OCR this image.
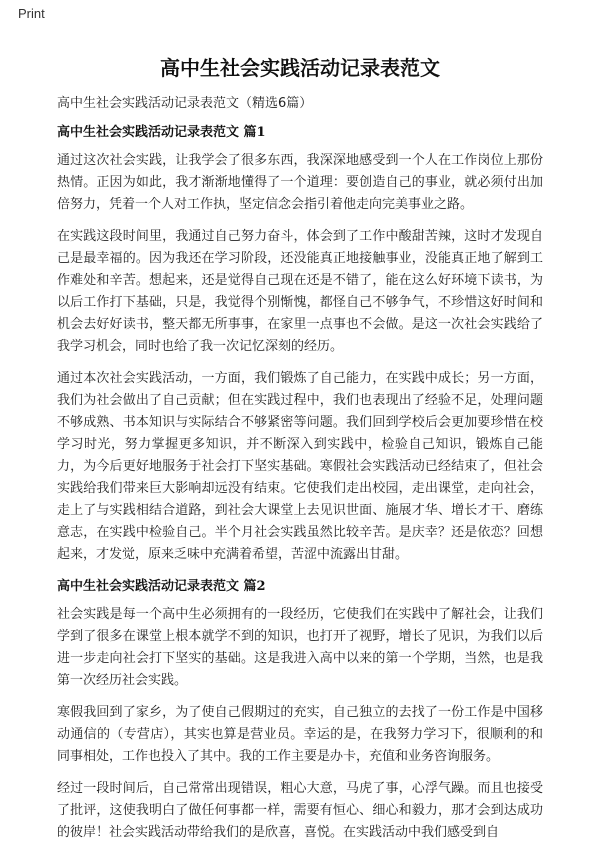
Print
高中生社会实践活动记录表范文
高中生社会实践活动记录表范文（精选6篇）
高中生社会实践活动记录表范文 篇1

通过这次社会实践，让我学会了很多东西，我深深地感受到一个人在工作岗位上那份热情。正因为如此，我才渐渐地懂得了一个道理：要创造自己的事业，就必须付出加倍努力，凭着一个人对工作执，坚定信念会指引着他走向完美事业之路。

在实践这段时间里，我通过自己努力奋斗，体会到了工作中酸甜苦辣，这时才发现自己是最幸福的。因为我还在学习阶段，还没能真正地接触事业，没能真正地了解到工作难处和辛苦。想起来，还是觉得自己现在还是不错了，能在这么好环境下读书，为以后工作打下基础，只是，我觉得个别惭愧，都怪自己不够争气，不珍惜这好时间和机会去好好读书，整天都无所事事，在家里一点事也不会做。是这一次社会实践给了我学习机会，同时也给了我一次记忆深刻的经历。

通过本次社会实践活动，一方面，我们锻炼了自己能力，在实践中成长；另一方面，我们为社会做出了自己贡献；但在实践过程中，我们也表现出了经验不足，处理问题不够成熟、书本知识与实际结合不够紧密等问题。我们回到学校后会更加要珍惜在校学习时光，努力掌握更多知识，并不断深入到实践中，检验自己知识，锻炼自己能力，为今后更好地服务于社会打下坚实基础。寒假社会实践活动已经结束了，但社会实践给我们带来巨大影响却远没有结束。它使我们走出校园，走出课堂，走向社会，走上了与实践相结合道路，到社会大课堂上去见识世面、施展才华、增长才干、磨练意志，在实践中检验自己。半个月社会实践虽然比较辛苦。是庆幸？还是依恋？回想起来，才发觉，原来乏味中充满着希望，苦涩中流露出甘甜。

高中生社会实践活动记录表范文 篇2

社会实践是每一个高中生必须拥有的一段经历，它使我们在实践中了解社会，让我们学到了很多在课堂上根本就学不到的知识，也打开了视野，增长了见识，为我们以后进一步走向社会打下坚实的基础。这是我进入高中以来的第一个学期，当然，也是我第一次经历社会实践。

寒假我回到了家乡，为了使自己假期过的充实，自己独立的去找了一份工作是中国移动通信的（专营店），其实也算是营业员。幸运的是，在我努力学习下，很顺利的和同事相处，工作也投入了其中。我的工作主要是办卡，充值和业务咨询服务。

经过一段时间后，自己常常出现错误，粗心大意，马虎了事，心浮气躁。而且也接受了批评，这使我明白了做任何事都一样，需要有恒心、细心和毅力，那才会到达成功的彼岸！社会实践活动带给我们的是欣喜，喜悦。在实践活动中我们感受到自
